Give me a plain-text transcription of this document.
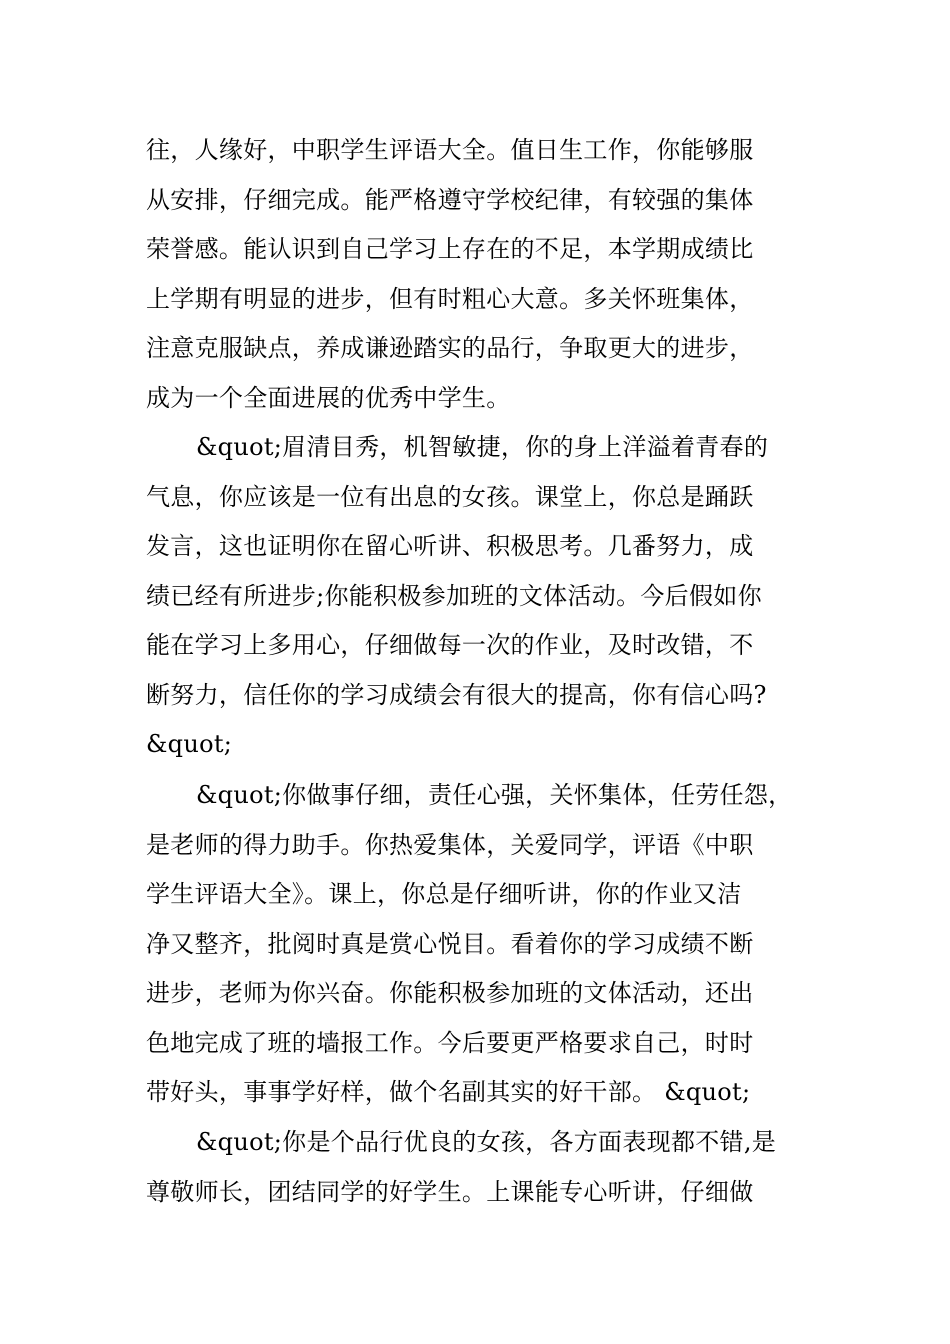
往，人缘好，中职学生评语大全。值日生工作，你能够服
从安排，仔细完成。能严格遵守学校纪律，有较强的集体
荣誉感。能认识到自己学习上存在的不足，本学期成绩比
上学期有明显的进步，但有时粗心大意。多关怀班集体，
注意克服缺点，养成谦逊踏实的品行，争取更大的进步，
成为一个全面进展的优秀中学生。
&quot;眉清目秀，机智敏捷，你的身上洋溢着青春的
气息，你应该是一位有出息的女孩。课堂上，你总是踊跃
发言，这也证明你在留心听讲、积极思考。几番努力，成
绩已经有所进步;你能积极参加班的文体活动。今后假如你
能在学习上多用心，仔细做每一次的作业，及时改错，不
断努力，信任你的学习成绩会有很大的提高，你有信心吗?
&quot;
&quot;你做事仔细，责任心强，关怀集体，任劳任怨，
是老师的得力助手。你热爱集体，关爱同学，评语《中职
学生评语大全》。课上，你总是仔细听讲，你的作业又洁
净又整齐，批阅时真是赏心悦目。看着你的学习成绩不断
进步，老师为你兴奋。你能积极参加班的文体活动，还出
色地完成了班的墙报工作。今后要更严格要求自己，时时
带好头，事事学好样，做个名副其实的好干部。 &quot;
&quot;你是个品行优良的女孩，各方面表现都不错,是
尊敬师长，团结同学的好学生。上课能专心听讲，仔细做
